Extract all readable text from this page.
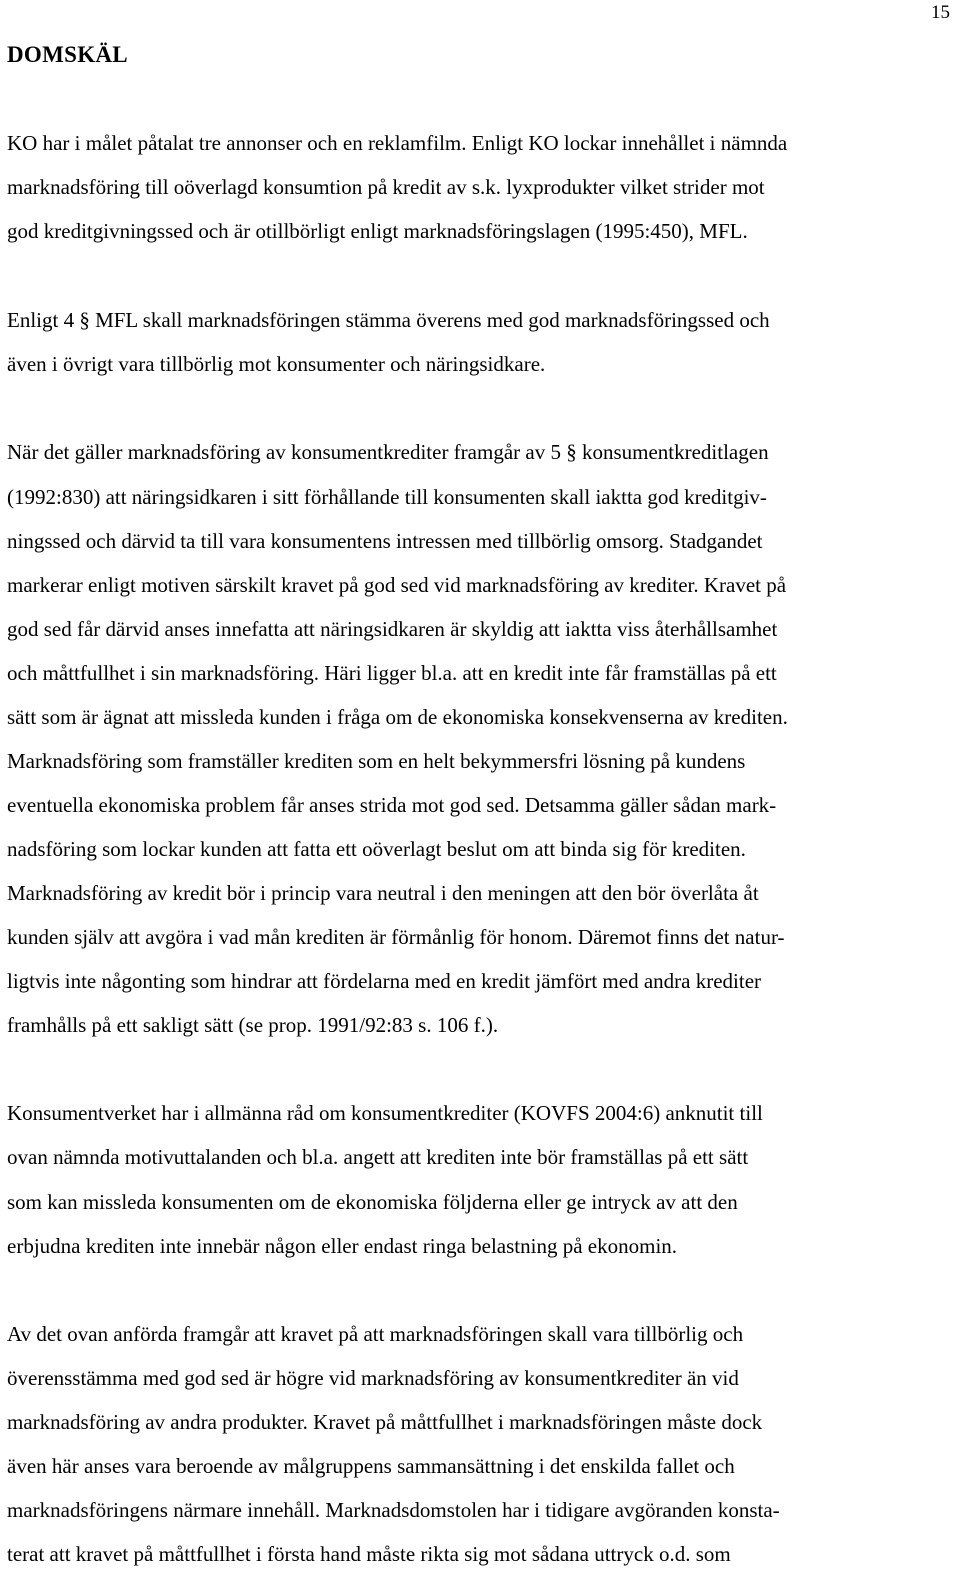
15
DOMSKÄL
KO har i målet påtalat tre annonser och en reklamfilm. Enligt KO lockar innehållet i nämnda
marknadsföring till oöverlagd konsumtion på kredit av s.k. lyxprodukter vilket strider mot
god kreditgivningssed och är otillbörligt enligt marknadsföringslagen (1995:450), MFL.
Enligt 4 § MFL skall marknadsföringen stämma överens med god marknadsföringssed och
även i övrigt vara tillbörlig mot konsumenter och näringsidkare.
När det gäller marknadsföring av konsumentkrediter framgår av 5 § konsumentkreditlagen
(1992:830) att näringsidkaren i sitt förhållande till konsumenten skall iaktta god kreditgiv-
ningssed och därvid ta till vara konsumentens intressen med tillbörlig omsorg. Stadgandet
markerar enligt motiven särskilt kravet på god sed vid marknadsföring av krediter. Kravet på
god sed får därvid anses innefatta att näringsidkaren är skyldig att iaktta viss återhållsamhet
och måttfullhet i sin marknadsföring. Häri ligger bl.a. att en kredit inte får framställas på ett
sätt som är ägnat att missleda kunden i fråga om de ekonomiska konsekvenserna av krediten.
Marknadsföring som framställer krediten som en helt bekymmersfri lösning på kundens
eventuella ekonomiska problem får anses strida mot god sed. Detsamma gäller sådan mark-
nadsföring som lockar kunden att fatta ett oöverlagt beslut om att binda sig för krediten.
Marknadsföring av kredit bör i princip vara neutral i den meningen att den bör överlåta åt
kunden själv att avgöra i vad mån krediten är förmånlig för honom. Däremot finns det natur-
ligtvis inte någonting som hindrar att fördelarna med en kredit jämfört med andra krediter
framhålls på ett sakligt sätt (se prop. 1991/92:83 s. 106 f.).
Konsumentverket har i allmänna råd om konsumentkrediter (KOVFS 2004:6) anknutit till
ovan nämnda motivuttalanden och bl.a. angett att krediten inte bör framställas på ett sätt
som kan missleda konsumenten om de ekonomiska följderna eller ge intryck av att den
erbjudna krediten inte innebär någon eller endast ringa belastning på ekonomin.
Av det ovan anförda framgår att kravet på att marknadsföringen skall vara tillbörlig och
överensstämma med god sed är högre vid marknadsföring av konsumentkrediter än vid
marknadsföring av andra produkter. Kravet på måttfullhet i marknadsföringen måste dock
även här anses vara beroende av målgruppens sammansättning i det enskilda fallet och
marknadsföringens närmare innehåll. Marknadsdomstolen har i tidigare avgöranden konsta-
terat att kravet på måttfullhet i första hand måste rikta sig mot sådana uttryck o.d. som
